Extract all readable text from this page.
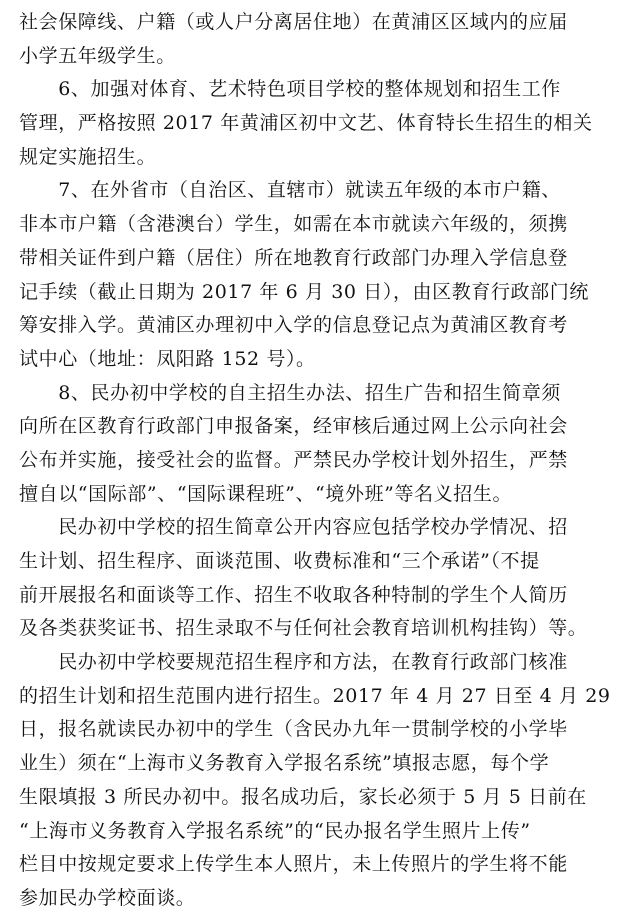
社会保障线、户籍（或人户分离居住地）在黄浦区区域内的应届
小学五年级学生。
　　6、加强对体育、艺术特色项目学校的整体规划和招生工作
管理，严格按照 2017 年黄浦区初中文艺、体育特长生招生的相关
规定实施招生。
　　7、在外省市（自治区、直辖市）就读五年级的本市户籍、
非本市户籍（含港澳台）学生，如需在本市就读六年级的，须携
带相关证件到户籍（居住）所在地教育行政部门办理入学信息登
记手续（截止日期为 2017 年 6 月 30 日），由区教育行政部门统
筹安排入学。黄浦区办理初中入学的信息登记点为黄浦区教育考
试中心（地址：凤阳路 152 号）。
　　8、民办初中学校的自主招生办法、招生广告和招生简章须
向所在区教育行政部门申报备案，经审核后通过网上公示向社会
公布并实施，接受社会的监督。严禁民办学校计划外招生，严禁
擅自以“国际部”、“国际课程班”、“境外班”等名义招生。
　　民办初中学校的招生简章公开内容应包括学校办学情况、招
生计划、招生程序、面谈范围、收费标准和“三个承诺”（不提
前开展报名和面谈等工作、招生不收取各种特制的学生个人简历
及各类获奖证书、招生录取不与任何社会教育培训机构挂钩）等。
　　民办初中学校要规范招生程序和方法，在教育行政部门核准
的招生计划和招生范围内进行招生。2017 年 4 月 27 日至 4 月 29
日，报名就读民办初中的学生（含民办九年一贯制学校的小学毕
业生）须在“上海市义务教育入学报名系统”填报志愿，每个学
生限填报 3 所民办初中。报名成功后，家长必须于 5 月 5 日前在
“上海市义务教育入学报名系统”的“民办报名学生照片上传”
栏目中按规定要求上传学生本人照片，未上传照片的学生将不能
参加民办学校面谈。
